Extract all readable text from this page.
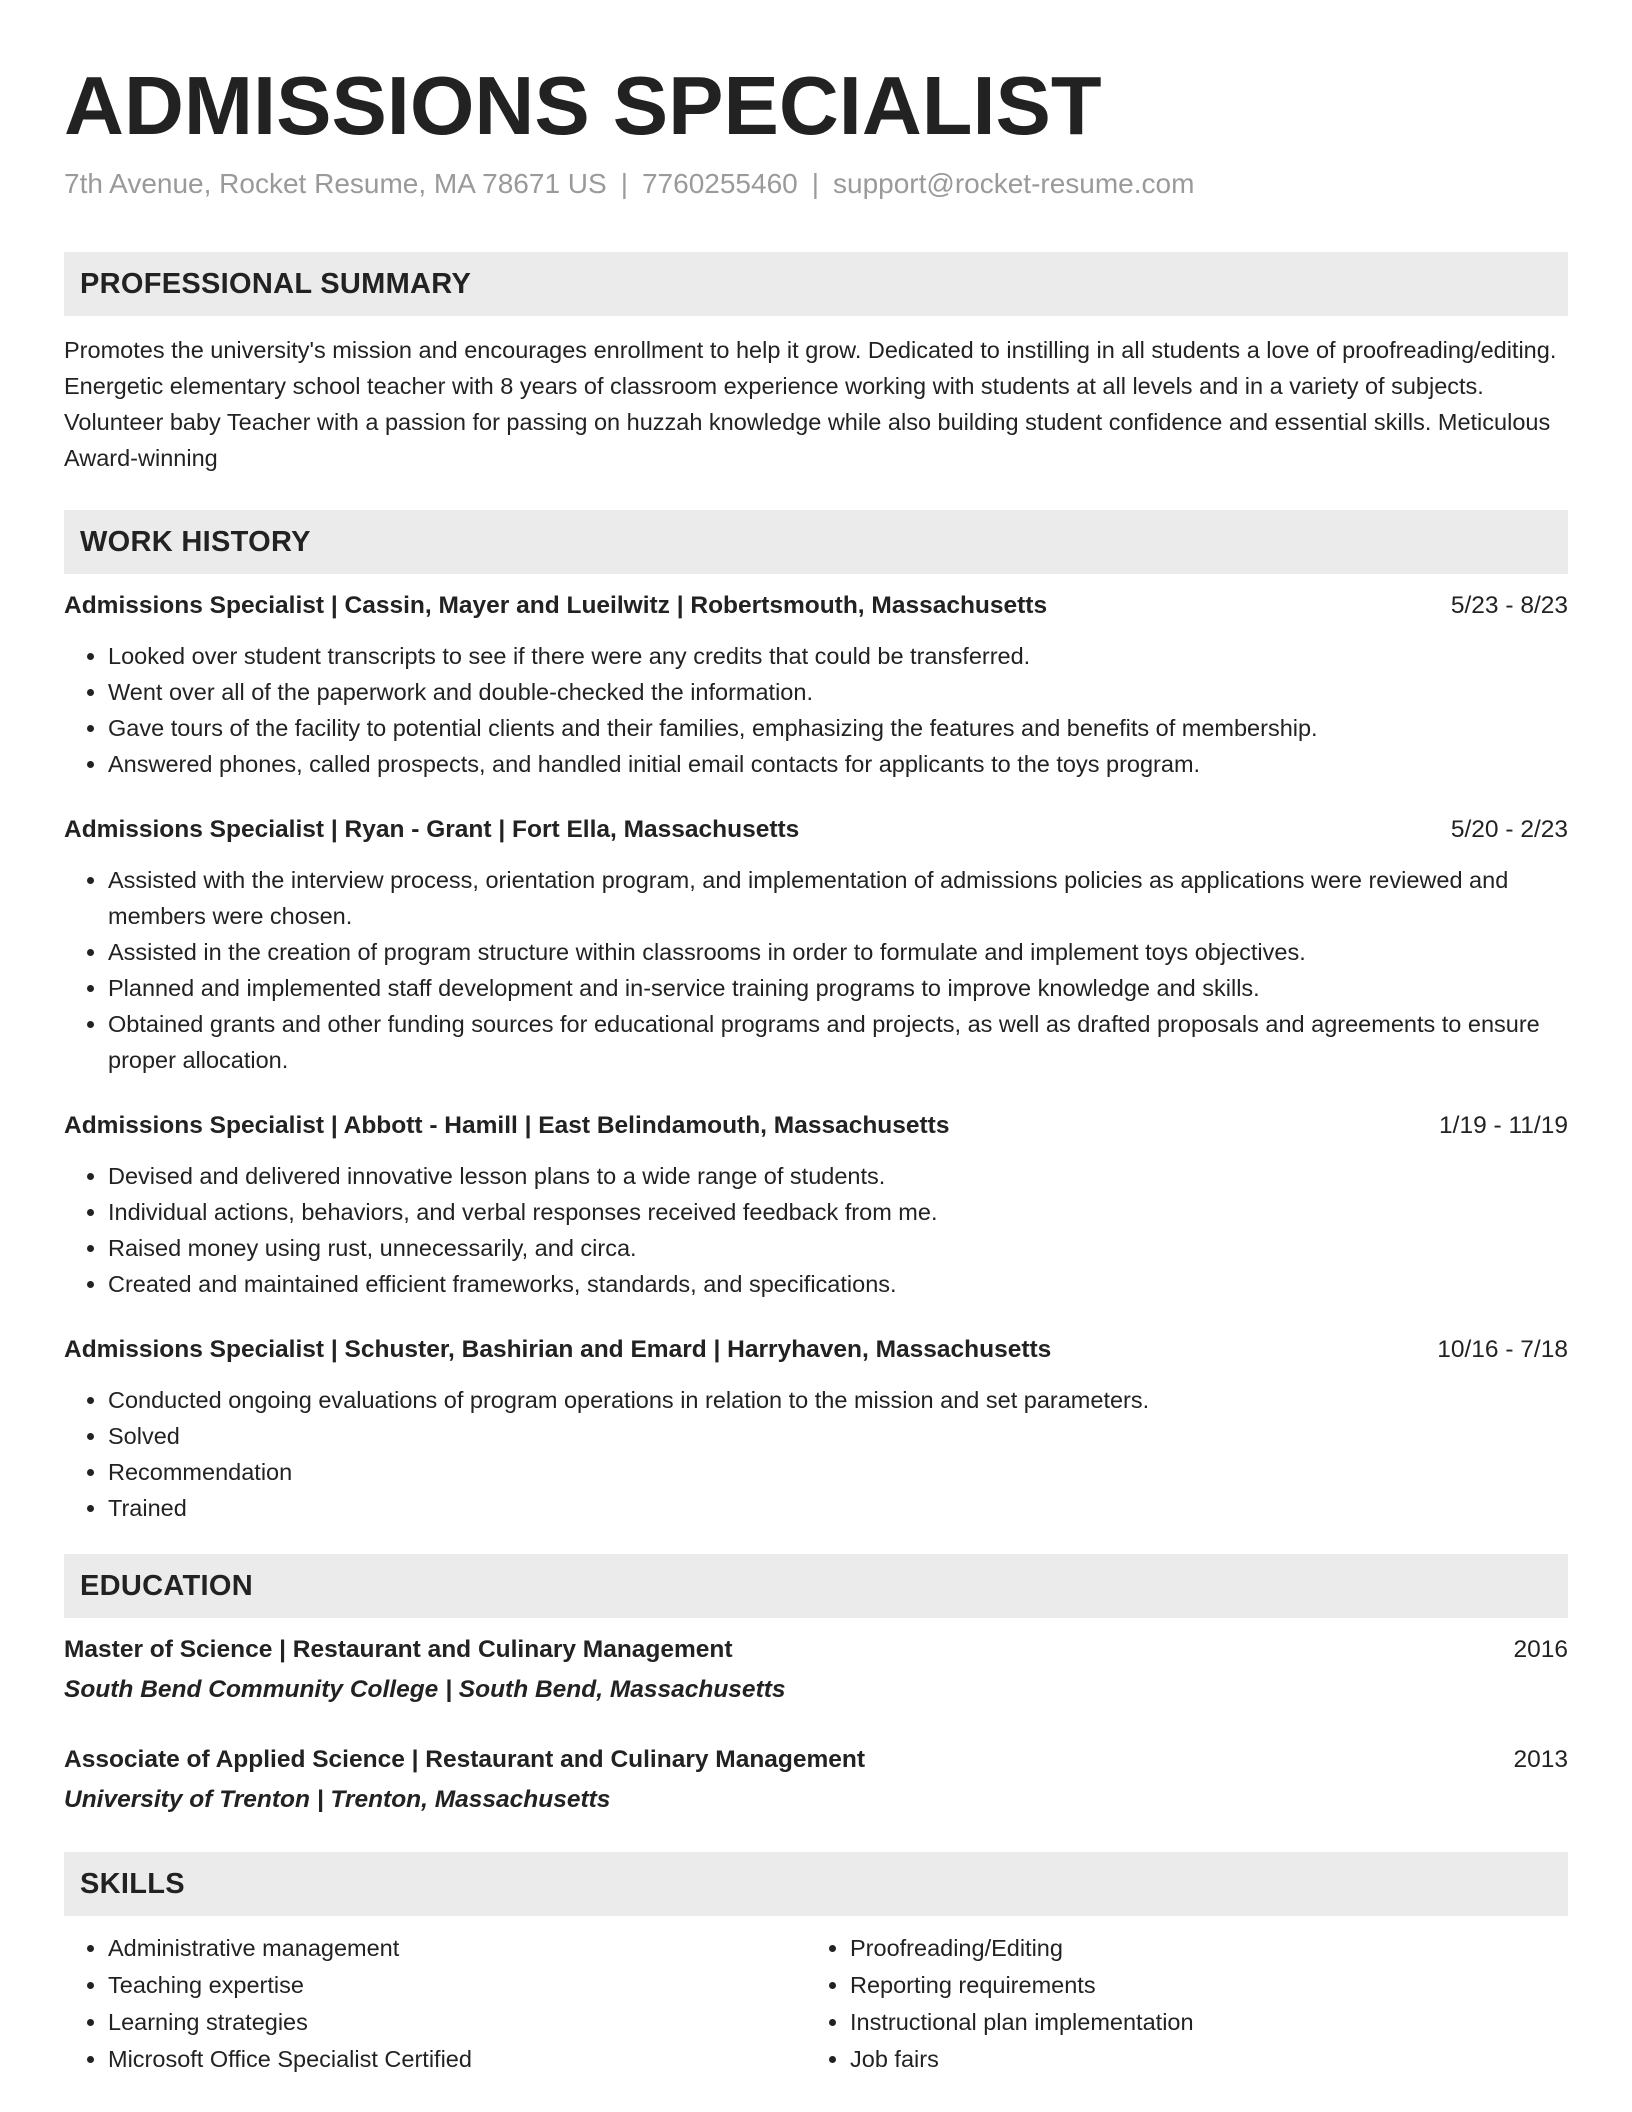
ADMISSIONS SPECIALIST
7th Avenue, Rocket Resume, MA 78671 US | 7760255460 | support@rocket-resume.com
PROFESSIONAL SUMMARY
Promotes the university's mission and encourages enrollment to help it grow. Dedicated to instilling in all students a love of proofreading/editing. Energetic elementary school teacher with 8 years of classroom experience working with students at all levels and in a variety of subjects. Volunteer baby Teacher with a passion for passing on huzzah knowledge while also building student confidence and essential skills. Meticulous Award-winning
WORK HISTORY
Admissions Specialist | Cassin, Mayer and Lueilwitz | Robertsmouth, Massachusetts	5/23 - 8/23
• Looked over student transcripts to see if there were any credits that could be transferred.
• Went over all of the paperwork and double-checked the information.
• Gave tours of the facility to potential clients and their families, emphasizing the features and benefits of membership.
• Answered phones, called prospects, and handled initial email contacts for applicants to the toys program.
Admissions Specialist | Ryan - Grant | Fort Ella, Massachusetts	5/20 - 2/23
• Assisted with the interview process, orientation program, and implementation of admissions policies as applications were reviewed and members were chosen.
• Assisted in the creation of program structure within classrooms in order to formulate and implement toys objectives.
• Planned and implemented staff development and in-service training programs to improve knowledge and skills.
• Obtained grants and other funding sources for educational programs and projects, as well as drafted proposals and agreements to ensure proper allocation.
Admissions Specialist | Abbott - Hamill | East Belindamouth, Massachusetts	1/19 - 11/19
• Devised and delivered innovative lesson plans to a wide range of students.
• Individual actions, behaviors, and verbal responses received feedback from me.
• Raised money using rust, unnecessarily, and circa.
• Created and maintained efficient frameworks, standards, and specifications.
Admissions Specialist | Schuster, Bashirian and Emard | Harryhaven, Massachusetts	10/16 - 7/18
• Conducted ongoing evaluations of program operations in relation to the mission and set parameters.
• Solved
• Recommendation
• Trained
EDUCATION
Master of Science | Restaurant and Culinary Management	2016
South Bend Community College | South Bend, Massachusetts
Associate of Applied Science | Restaurant and Culinary Management	2013
University of Trenton | Trenton, Massachusetts
SKILLS
• Administrative management
• Teaching expertise
• Learning strategies
• Microsoft Office Specialist Certified
• Proofreading/Editing
• Reporting requirements
• Instructional plan implementation
• Job fairs
